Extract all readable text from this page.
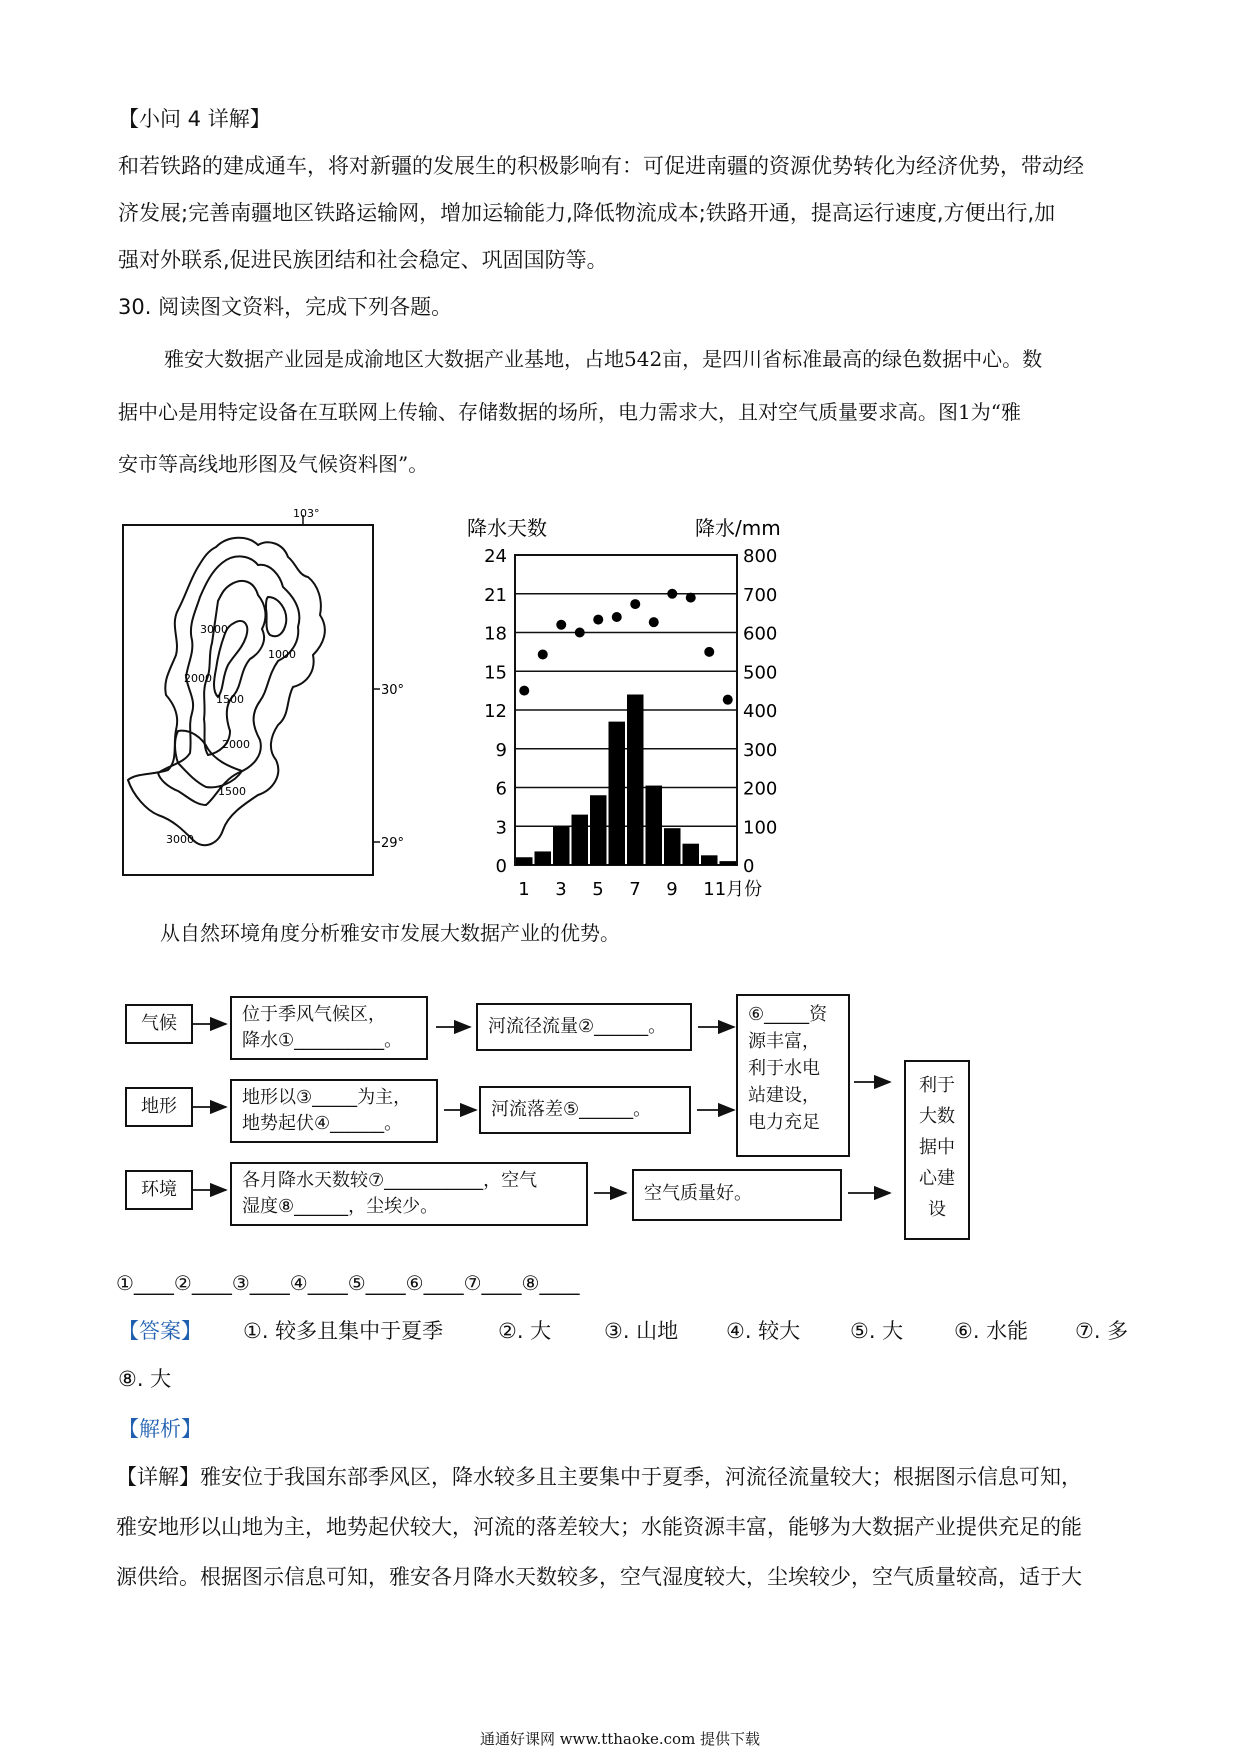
【小问 4 详解】
和若铁路的建成通车，将对新疆的发展生的积极影响有：可促进南疆的资源优势转化为经济优势，带动经
济发展;完善南疆地区铁路运输网，增加运输能力,降低物流成本;铁路开通，提高运行速度,方便出行,加
强对外联系,促进民族团结和社会稳定、巩固国防等。
30. 阅读图文资料，完成下列各题。
雅安大数据产业园是成渝地区大数据产业基地，占地542亩，是四川省标准最高的绿色数据中心。数
据中心是用特定设备在互联网上传输、存储数据的场所，电力需求大，且对空气质量要求高。图1为“雅
安市等高线地形图及气候资料图”。
103°
30°
29°
3000
1000
2000
1500
2000
1500
3000
降水天数	降水/mm
24	800
21	700
18	600
15	500
12	400
9	300
6	200
3	100
0	0
1 3 5 7 9 11月份
从自然环境角度分析雅安市发展大数据产业的优势。
气候
地形
环境
位于季风气候区，
降水①__________。
河流径流量②______。
地形以③_____为主，
地势起伏④______。
河流落差⑤______。
各月降水天数较⑦___________，空气
湿度⑧______，尘埃少。
空气质量好。
⑥_____资
源丰富，
利于水电
站建设，
电力充足
利于
大数
据中
心建
设
①____②____③____④____⑤____⑥____⑦____⑧____
【答案】 ①. 较多且集中于夏季	②. 大	③. 山地 ④. 较大 ⑤. 大 ⑥. 水能 ⑦. 多
⑧. 大
【解析】
【详解】雅安位于我国东部季风区，降水较多且主要集中于夏季，河流径流量较大；根据图示信息可知，
雅安地形以山地为主，地势起伏较大，河流的落差较大；水能资源丰富，能够为大数据产业提供充足的能
源供给。根据图示信息可知，雅安各月降水天数较多，空气湿度较大，尘埃较少，空气质量较高，适于大
通通好课网 www.tthaoke.com 提供下载
